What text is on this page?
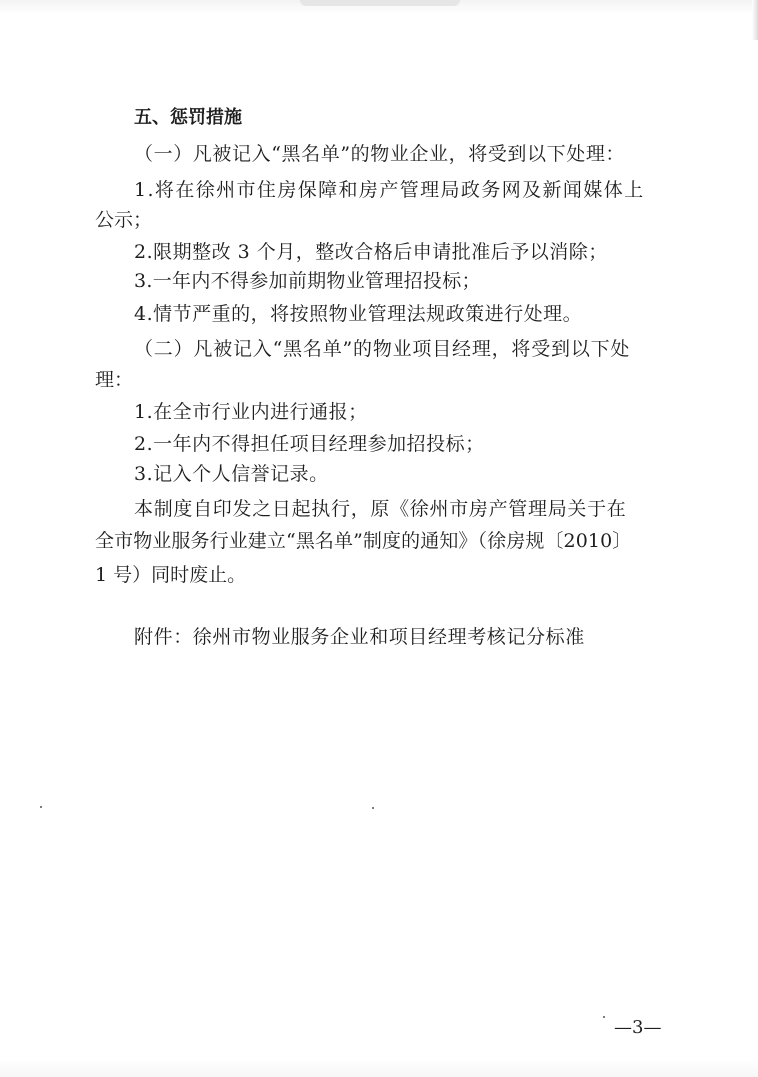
五、惩罚措施
（一）凡被记入“黑名单”的物业企业，将受到以下处理：
1.将在徐州市住房保障和房产管理局政务网及新闻媒体上
公示；
2.限期整改 3 个月，整改合格后申请批准后予以消除；
3.一年内不得参加前期物业管理招投标；
4.情节严重的，将按照物业管理法规政策进行处理。
（二）凡被记入“黑名单”的物业项目经理，将受到以下处
理：
1.在全市行业内进行通报；
2.一年内不得担任项目经理参加招投标；
3.记入个人信誉记录。
本制度自印发之日起执行，原《徐州市房产管理局关于在
全市物业服务行业建立“黑名单”制度的通知》（徐房规〔2010〕
1 号）同时废止。
附件：徐州市物业服务企业和项目经理考核记分标准
—3—
